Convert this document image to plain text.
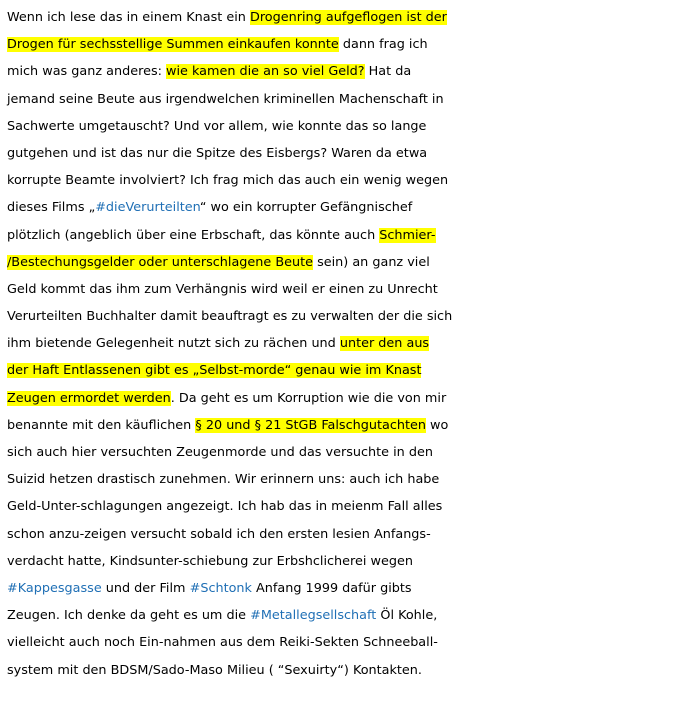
Wenn ich lese das in einem Knast ein Drogenring aufgeflogen ist der
Drogen für sechsstellige Summen einkaufen konnte dann frag ich
mich was ganz anderes: wie kamen die an so viel Geld? Hat da
jemand seine Beute aus irgendwelchen kriminellen Machenschaft in
Sachwerte umgetauscht? Und vor allem, wie konnte das so lange
gutgehen und ist das nur die Spitze des Eisbergs? Waren da etwa
korrupte Beamte involviert? Ich frag mich das auch ein wenig wegen
dieses Films „#dieVerurteilten“ wo ein korrupter Gefängnischef
plötzlich (angeblich über eine Erbschaft, das könnte auch Schmier-
/Bestechungsgelder oder unterschlagene Beute sein) an ganz viel
Geld kommt das ihm zum Verhängnis wird weil er einen zu Unrecht
Verurteilten Buchhalter damit beauftragt es zu verwalten der die sich
ihm bietende Gelegenheit nutzt sich zu rächen und unter den aus
der Haft Entlassenen gibt es „Selbst-morde“ genau wie im Knast
Zeugen ermordet werden. Da geht es um Korruption wie die von mir
benannte mit den käuflichen § 20 und § 21 StGB Falschgutachten wo
sich auch hier versuchten Zeugenmorde und das versuchte in den
Suizid hetzen drastisch zunehmen. Wir erinnern uns: auch ich habe
Geld-Unter-schlagungen angezeigt. Ich hab das in meienm Fall alles
schon anzu-zeigen versucht sobald ich den ersten lesien Anfangs-
verdacht hatte, Kindsunter-schiebung zur Erbshclicherei wegen
#Kappesgasse und der Film #Schtonk Anfang 1999 dafür gibts
Zeugen. Ich denke da geht es um die #Metallegsellschaft Öl Kohle,
vielleicht auch noch Ein-nahmen aus dem Reiki-Sekten Schneeball-
system mit den BDSM/Sado-Maso Milieu ( “Sexuirty“) Kontakten.
